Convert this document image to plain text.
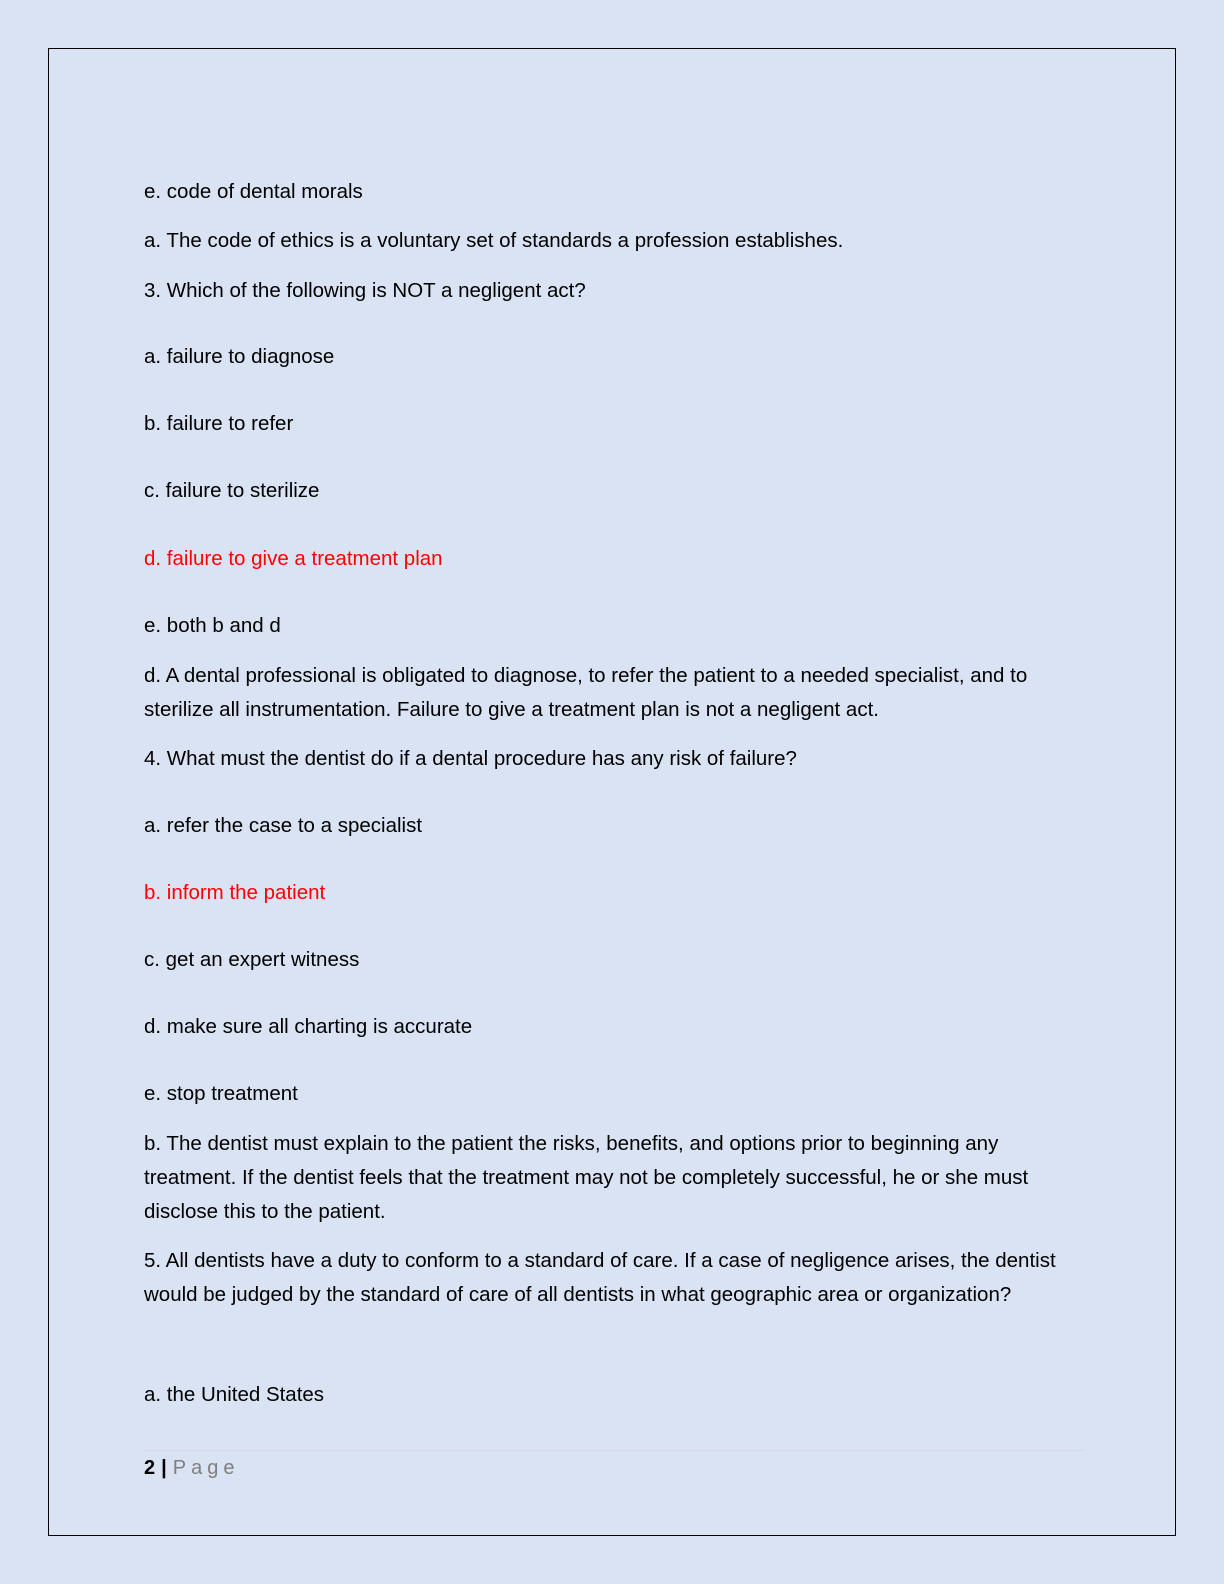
e. code of dental morals
a. The code of ethics is a voluntary set of standards a profession establishes.
3. Which of the following is NOT a negligent act?
a. failure to diagnose
b. failure to refer
c. failure to sterilize
d. failure to give a treatment plan
e. both b and d
d. A dental professional is obligated to diagnose, to refer the patient to a needed specialist, and to sterilize all instrumentation. Failure to give a treatment plan is not a negligent act.
4. What must the dentist do if a dental procedure has any risk of failure?
a. refer the case to a specialist
b. inform the patient
c. get an expert witness
d. make sure all charting is accurate
e. stop treatment
b. The dentist must explain to the patient the risks, benefits, and options prior to beginning any treatment. If the dentist feels that the treatment may not be completely successful, he or she must disclose this to the patient.
5. All dentists have a duty to conform to a standard of care. If a case of negligence arises, the dentist would be judged by the standard of care of all dentists in what geographic area or organization?
a. the United States
2 | Page
